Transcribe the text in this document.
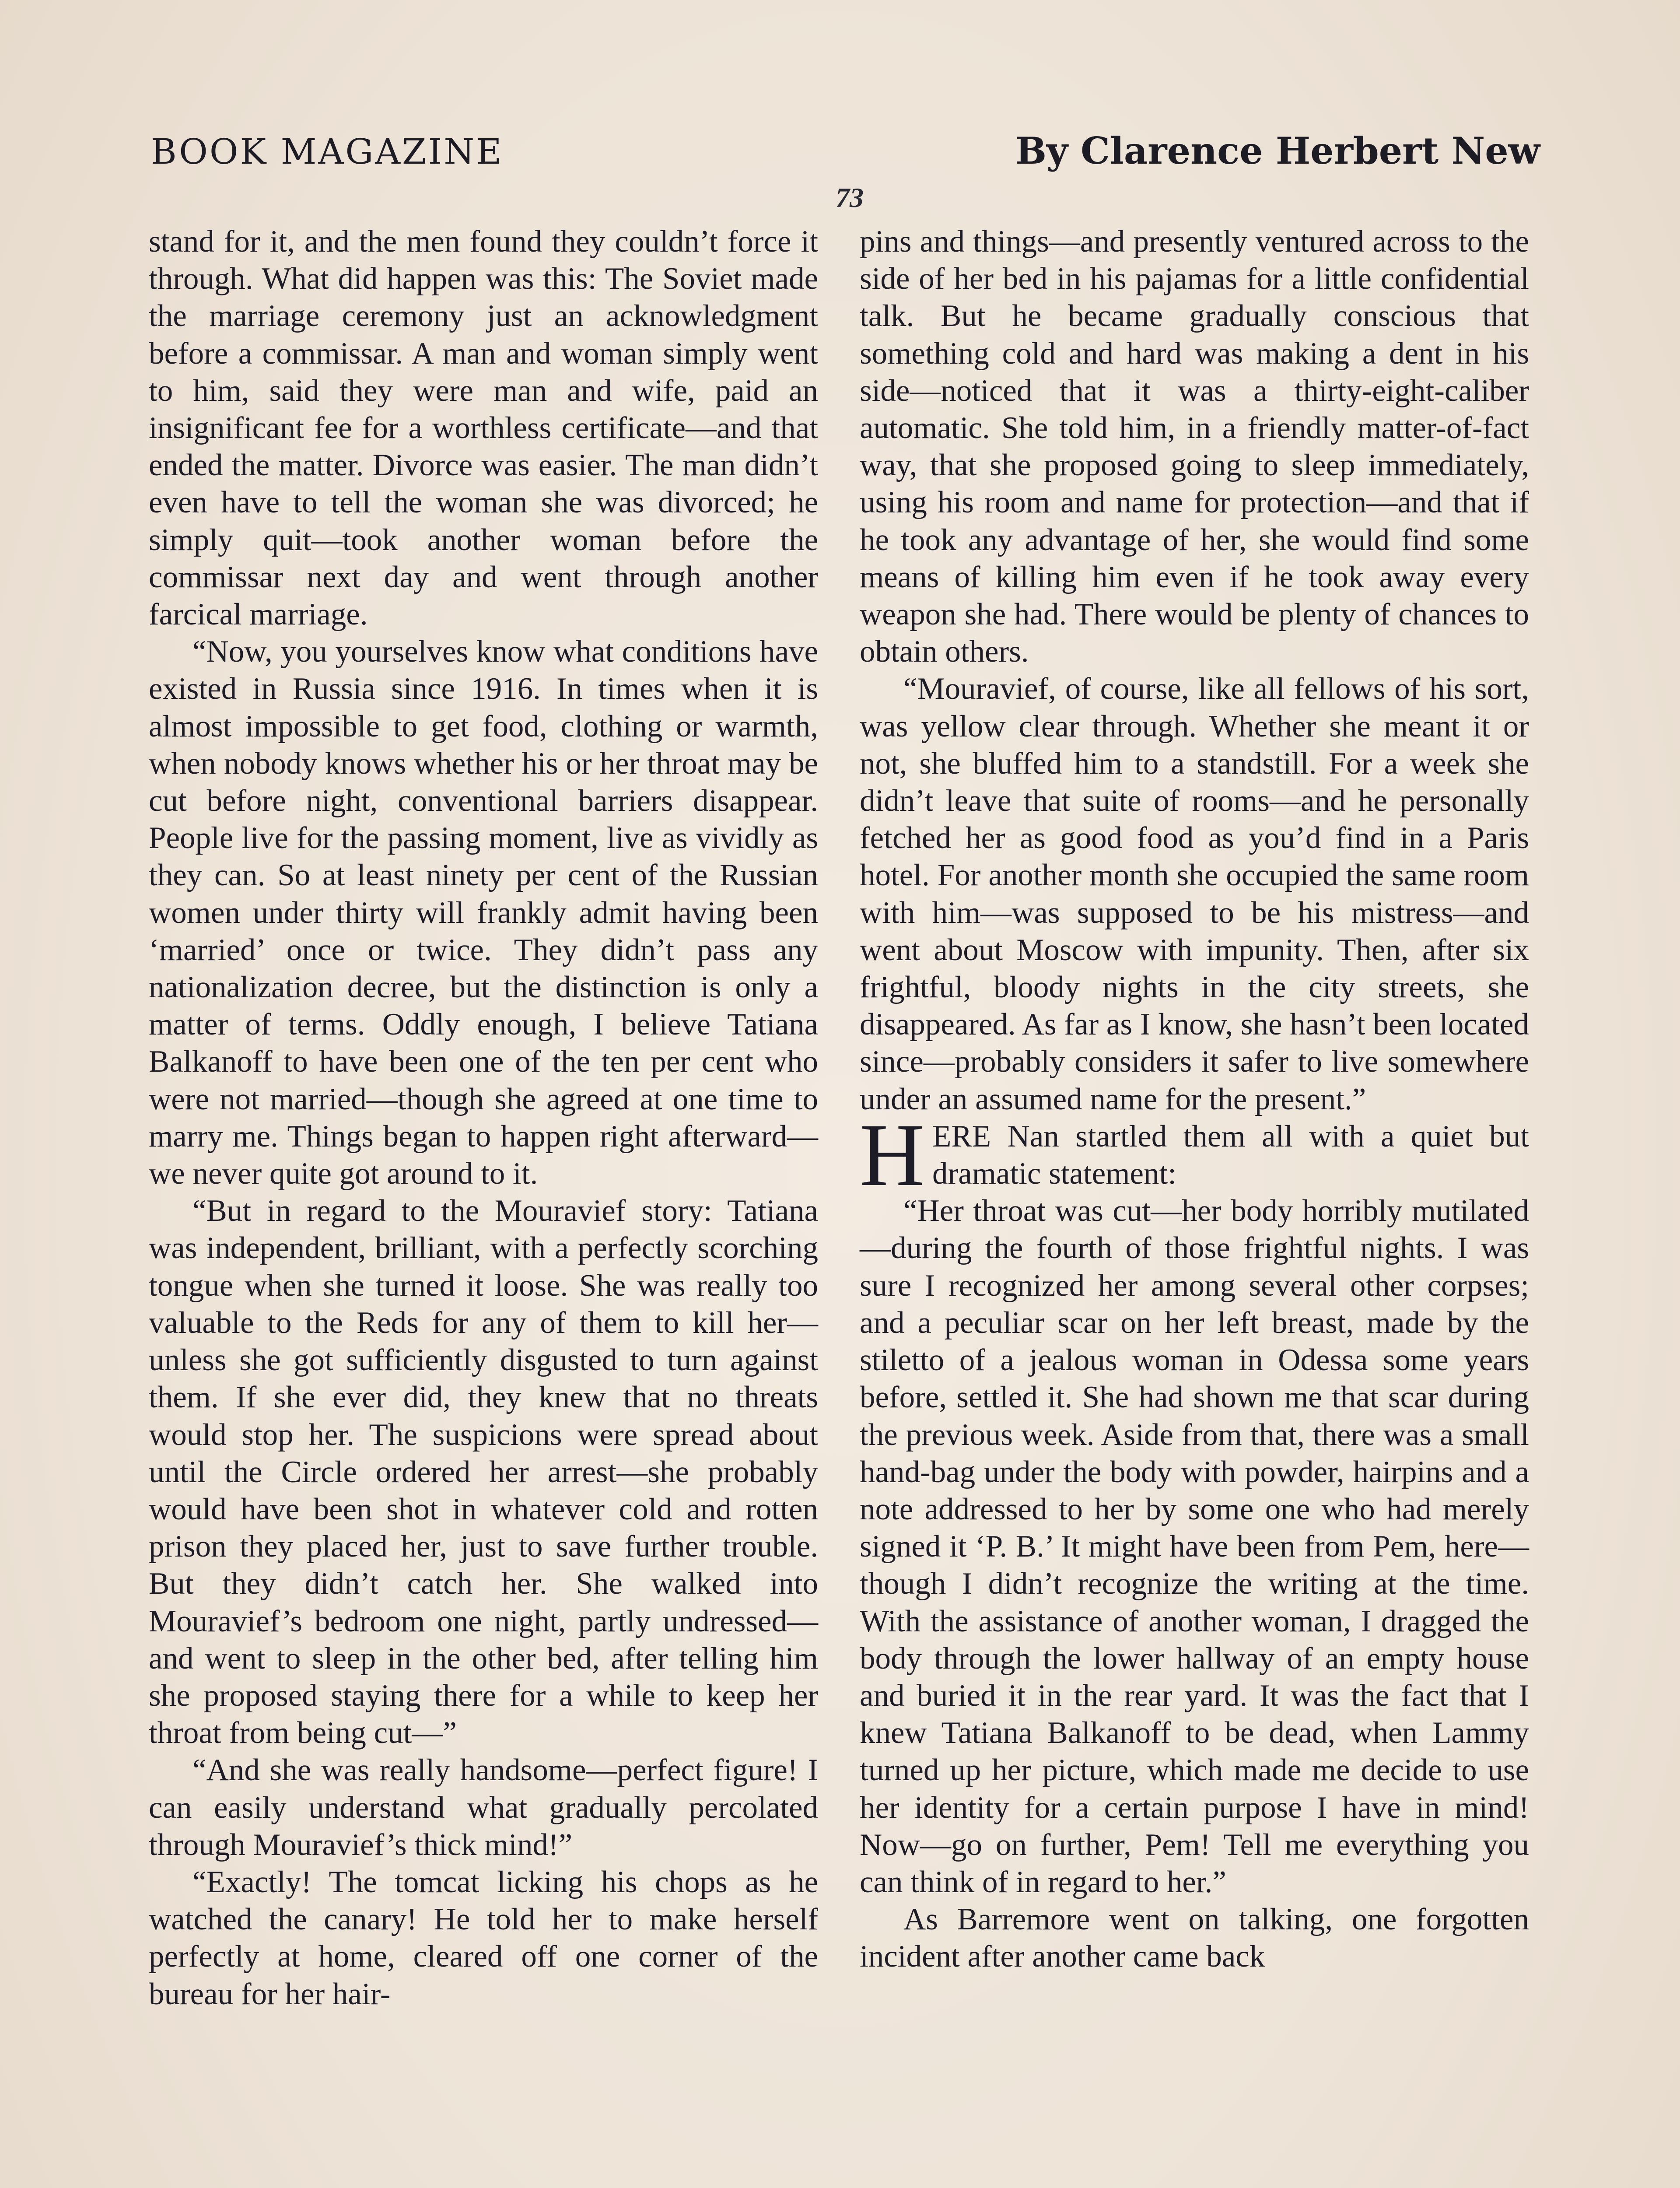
BOOK MAGAZINE	By Clarence Herbert New
73

stand for it, and the men found they couldn’t force it through. What did happen was this: The Soviet made the marriage ceremony just an acknowledgment before a commissar. A man and woman simply went to him, said they were man and wife, paid an insignificant fee for a worthless certificate—and that ended the matter. Divorce was easier. The man didn’t even have to tell the woman she was divorced; he simply quit—took another woman before the commissar next day and went through another farcical marriage.

“Now, you yourselves know what conditions have existed in Russia since 1916. In times when it is almost impossible to get food, clothing or warmth, when nobody knows whether his or her throat may be cut before night, conventional barriers disappear. People live for the passing moment, live as vividly as they can. So at least ninety per cent of the Russian women under thirty will frankly admit having been ‘married’ once or twice. They didn’t pass any nationalization decree, but the distinction is only a matter of terms. Oddly enough, I believe Tatiana Balkanoff to have been one of the ten per cent who were not married—though she agreed at one time to marry me. Things began to happen right afterward—we never quite got around to it.

“But in regard to the Mouravief story: Tatiana was independent, brilliant, with a perfectly scorching tongue when she turned it loose. She was really too valuable to the Reds for any of them to kill her—unless she got sufficiently disgusted to turn against them. If she ever did, they knew that no threats would stop her. The suspicions were spread about until the Circle ordered her arrest—she probably would have been shot in whatever cold and rotten prison they placed her, just to save further trouble. But they didn’t catch her. She walked into Mouravief’s bedroom one night, partly undressed—and went to sleep in the other bed, after telling him she proposed staying there for a while to keep her throat from being cut—”

“And she was really handsome—perfect figure! I can easily understand what gradually percolated through Mouravief’s thick mind!”

“Exactly! The tomcat licking his chops as he watched the canary! He told her to make herself perfectly at home, cleared off one corner of the bureau for her hair-

pins and things—and presently ventured across to the side of her bed in his pajamas for a little confidential talk. But he became gradually conscious that something cold and hard was making a dent in his side—noticed that it was a thirty-eight-caliber automatic. She told him, in a friendly matter-of-fact way, that she proposed going to sleep immediately, using his room and name for protection—and that if he took any advantage of her, she would find some means of killing him even if he took away every weapon she had. There would be plenty of chances to obtain others.

“Mouravief, of course, like all fellows of his sort, was yellow clear through. Whether she meant it or not, she bluffed him to a standstill. For a week she didn’t leave that suite of rooms—and he personally fetched her as good food as you’d find in a Paris hotel. For another month she occupied the same room with him—was supposed to be his mistress—and went about Moscow with impunity. Then, after six frightful, bloody nights in the city streets, she disappeared. As far as I know, she hasn’t been located since—probably considers it safer to live somewhere under an assumed name for the present.”

HERE Nan startled them all with a quiet but dramatic statement:

“Her throat was cut—her body horribly mutilated—during the fourth of those frightful nights. I was sure I recognized her among several other corpses; and a peculiar scar on her left breast, made by the stiletto of a jealous woman in Odessa some years before, settled it. She had shown me that scar during the previous week. Aside from that, there was a small hand-bag under the body with powder, hairpins and a note addressed to her by some one who had merely signed it ‘P. B.’ It might have been from Pem, here—though I didn’t recognize the writing at the time. With the assistance of another woman, I dragged the body through the lower hallway of an empty house and buried it in the rear yard. It was the fact that I knew Tatiana Balkanoff to be dead, when Lammy turned up her picture, which made me decide to use her identity for a certain purpose I have in mind! Now—go on further, Pem! Tell me everything you can think of in regard to her.”

As Barremore went on talking, one forgotten incident after another came back
